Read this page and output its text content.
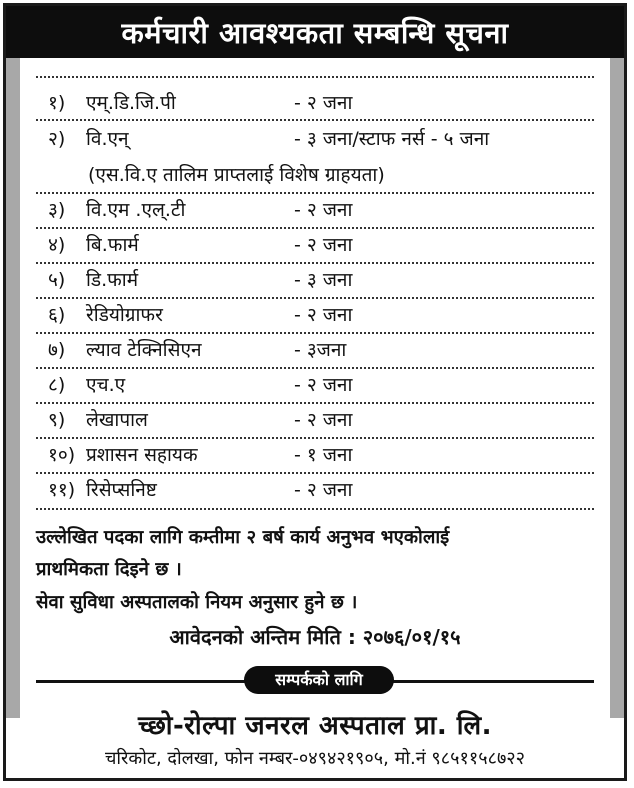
कर्मचारी आवश्यकता सम्बन्धि सूचना
१) एम्.डि.जि.पी	- २ जना
२) वि.एन्	- ३ जना/स्टाफ नर्स - ५ जना
(एस.वि.ए तालिम प्राप्तलाई विशेष ग्राहयता)
३) वि.एम .एल्.टी	- २ जना
४) बि.फार्म	- २ जना
५) डि.फार्म	- ३ जना
६) रेडियोग्राफर	- २ जना
७) ल्याव टेक्निसिएन	- ३जना
८) एच.ए	- २ जना
९) लेखापाल	- २ जना
१०) प्रशासन सहायक	- १ जना
११) रिसेप्सनिष्ट	- २ जना
उल्लेखित पदका लागि कम्तीमा २ बर्ष कार्य अनुभव भएकोलाई
प्राथमिकता दिइने छ ।
सेवा सुविधा अस्पतालको नियम अनुसार हुने छ ।
आवेदनको अन्तिम मिति : २०७६/०१/१५
सम्पर्कको लागि
च्छो-रोल्पा जनरल अस्पताल प्रा. लि.
चरिकोट, दोलखा, फोन नम्बर-०४९४२१९०५, मो.नं ९८५११५८७२२
